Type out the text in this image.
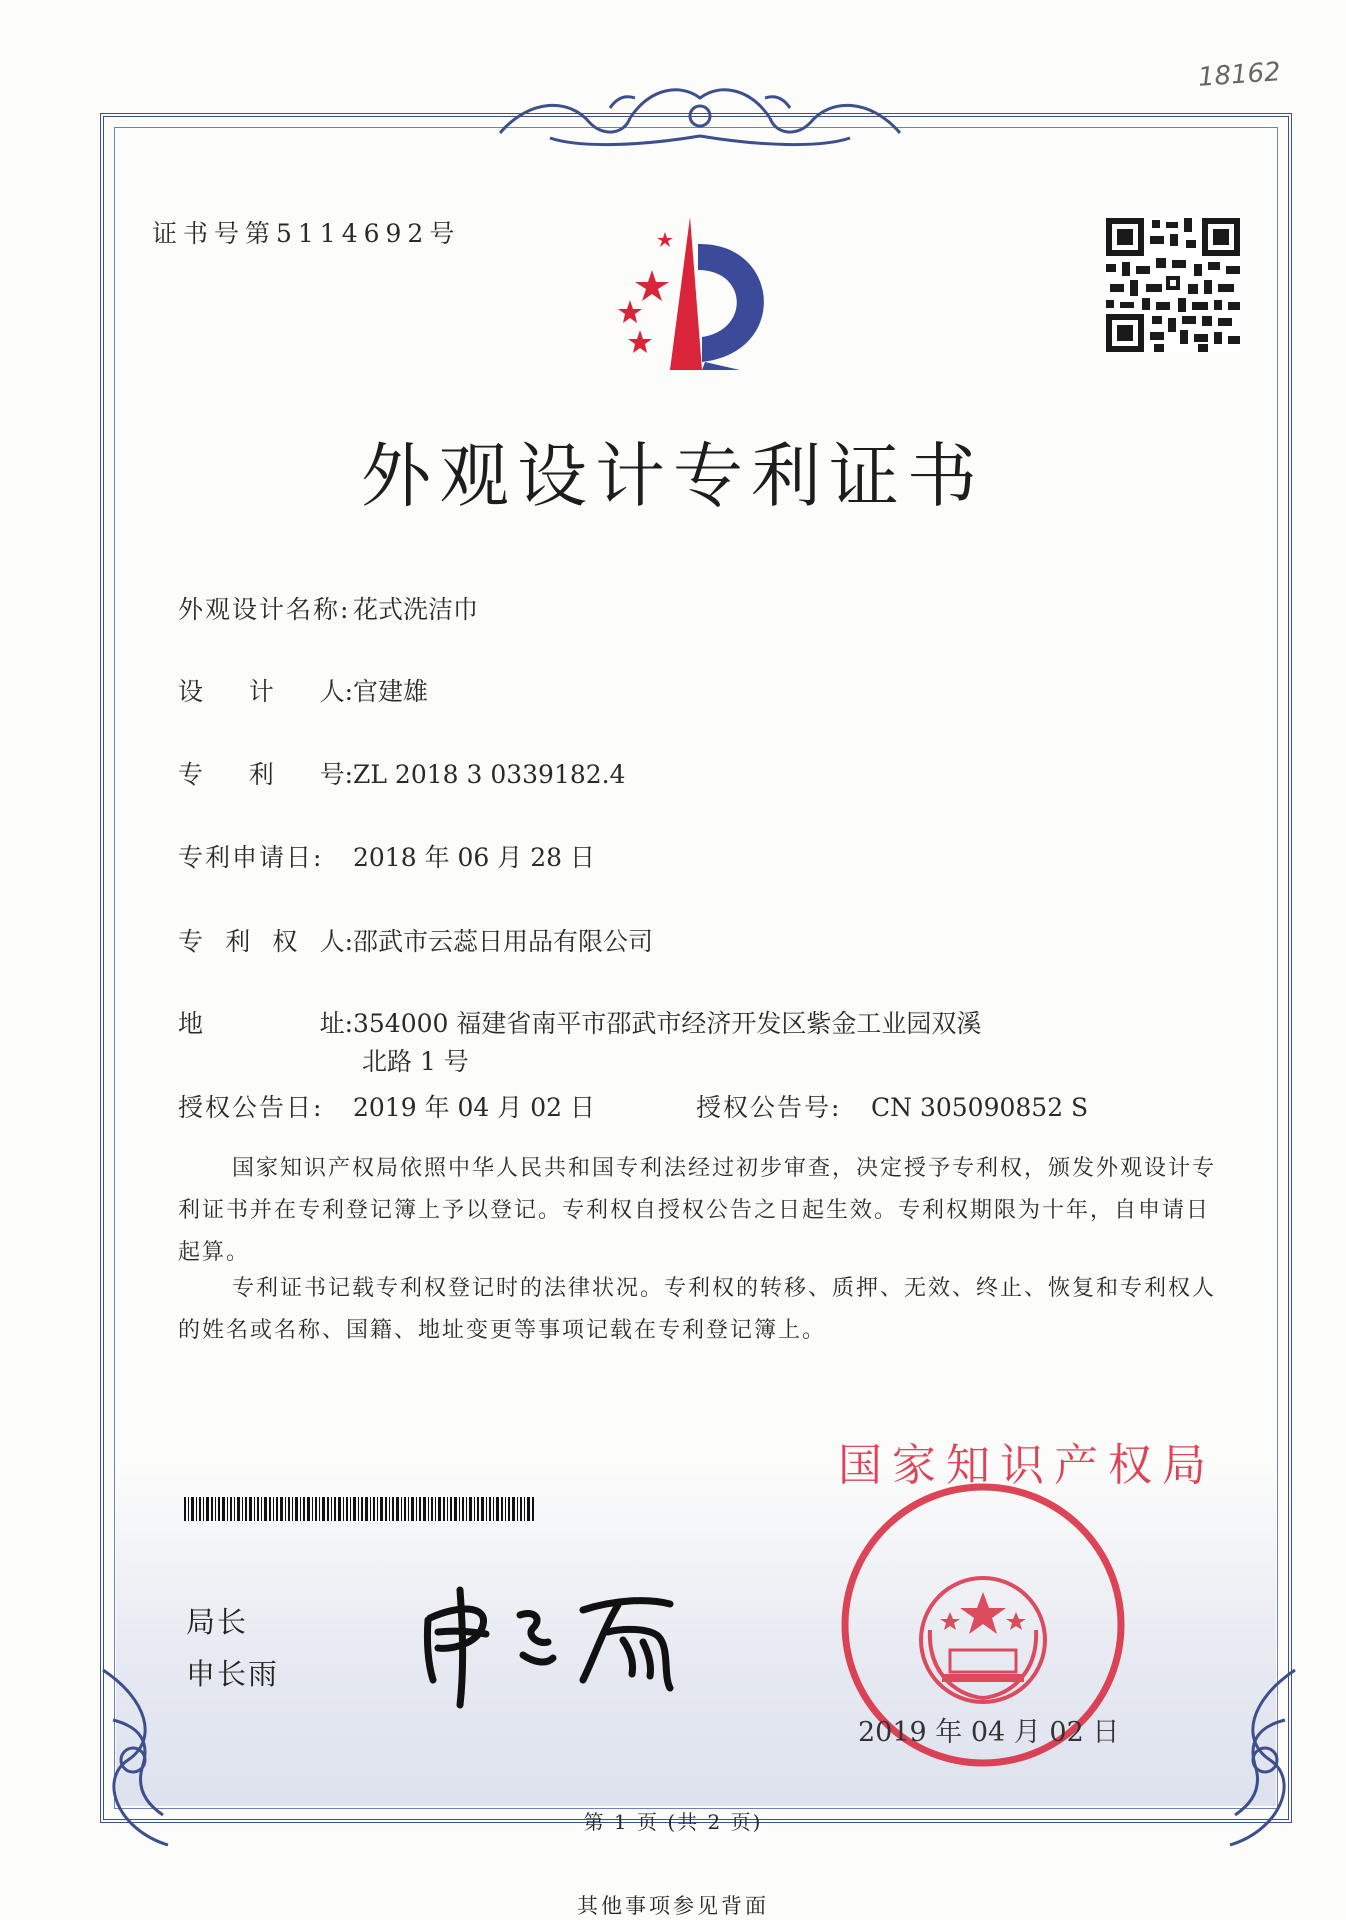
18162
证书号第5114692号
外观设计专利证书
外观设计名称: 花式洗洁巾
设 计 人: 官建雄
专 利 号: ZL 2018 3 0339182.4
专利申请日: 2018 年 06 月 28 日
专 利 权 人: 邵武市云蕊日用品有限公司
地	址: 354000 福建省南平市邵武市经济开发区紫金工业园双溪
北路 1 号
授权公告日: 2019 年 04 月 02 日	授权公告号: CN 305090852 S
国家知识产权局依照中华人民共和国专利法经过初步审查，决定授予专利权，颁发外观设计专利证书并在专利登记簿上予以登记。专利权自授权公告之日起生效。专利权期限为十年，自申请日起算。
专利证书记载专利权登记时的法律状况。专利权的转移、质押、无效、终止、恢复和专利权人的姓名或名称、国籍、地址变更等事项记载在专利登记簿上。
局长
申长雨
国家知识产权局
2019 年 04 月 02 日
第 1 页 (共 2 页)
其他事项参见背面
